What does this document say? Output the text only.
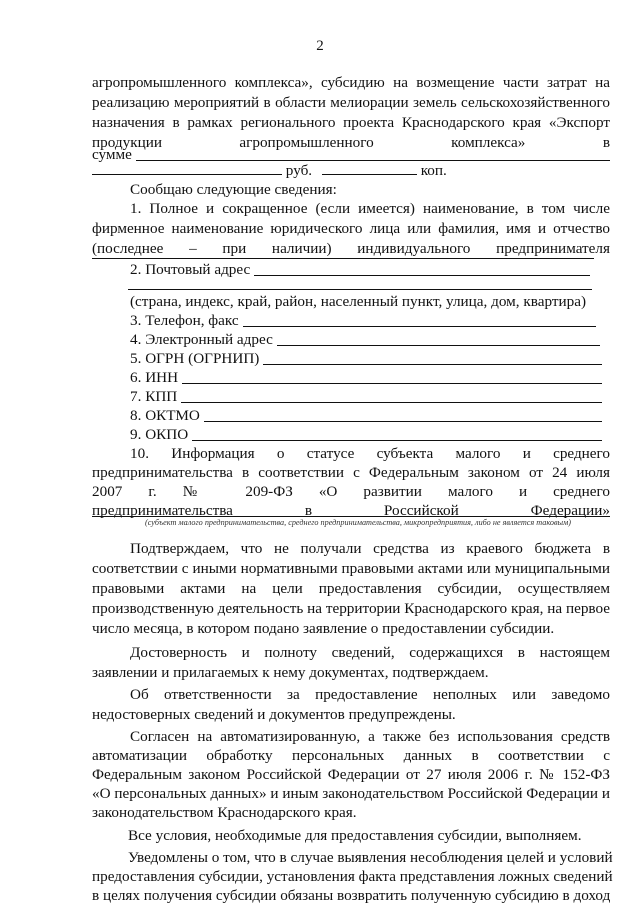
2
агропромышленного комплекса», субсидию на возмещение части затрат на
реализацию мероприятий в области мелиорации земель сельскохозяйственного
назначения в рамках регионального проекта Краснодарского края «Экспорт
продукции агропромышленного комплекса» в
сумме
руб.	коп.
Сообщаю следующие сведения:
1. Полное и сокращенное (если имеется) наименование, в том числе
фирменное наименование юридического лица или фамилия, имя и отчество
(последнее – при наличии) индивидуального предпринимателя
2. Почтовый адрес
(страна, индекс, край, район, населенный пункт, улица, дом, квартира)
3. Телефон, факс
4. Электронный адрес
5. ОГРН (ОГРНИП)
6. ИНН
7. КПП
8. ОКТМО
9. ОКПО
10. Информация о статусе субъекта малого и среднего
предпринимательства в соответствии с Федеральным законом от 24 июля
2007 г. № 209-ФЗ «О развитии малого и среднего
предпринимательства в Российской Федерации»
(субъект малого предпринимательства, среднего предпринимательства, микропредприятия, либо не является таковым)
Подтверждаем, что не получали средства из краевого бюджета в
соответствии с иными нормативными правовыми актами или муниципальными
правовыми актами на цели предоставления субсидии, осуществляем
производственную деятельность на территории Краснодарского края, на первое
число месяца, в котором подано заявление о предоставлении субсидии.
Достоверность и полноту сведений, содержащихся в настоящем
заявлении и прилагаемых к нему документах, подтверждаем.
Об ответственности за предоставление неполных или заведомо
недостоверных сведений и документов предупреждены.
Согласен на автоматизированную, а также без использования средств
автоматизации обработку персональных данных в соответствии с
Федеральным законом Российской Федерации от 27 июля 2006 г. № 152-ФЗ
«О персональных данных» и иным законодательством Российской Федерации и
законодательством Краснодарского края.
Все условия, необходимые для предоставления субсидии, выполняем.
Уведомлены о том, что в случае выявления несоблюдения целей и условий
предоставления субсидии, установления факта представления ложных сведений
в целях получения субсидии обязаны возвратить полученную субсидию в доход
